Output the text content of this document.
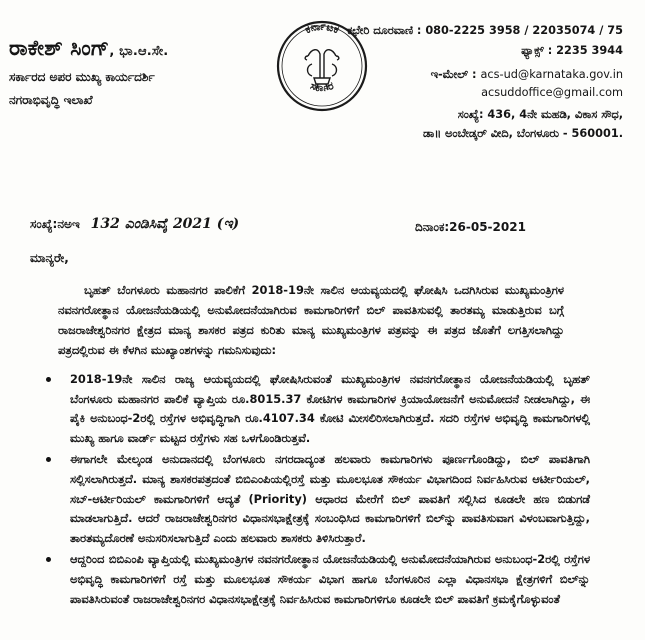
ರಾಕೇಶ್ ಸಿಂಗ್, ಭಾ.ಆ.ಸೇ.
ಸರ್ಕಾರದ ಅಪರ ಮುಖ್ಯ ಕಾರ್ಯದರ್ಶಿ
ನಗರಾಭಿವೃದ್ಧಿ ಇಲಾಖೆ
ಕರ್ನಾಟಕ
ಸರ್ಕಾರ
ಕಛೇರಿ ದೂರವಾಣಿ : 080-2225 3958 / 22035074 / 75
ಫ್ಯಾಕ್ಸ್ : 2235 3944
ಇ-ಮೇಲ್ : acs-ud@karnataka.gov.in
acsuddoffice@gmail.com
ಸಂಖ್ಯೆ: 436, 4ನೇ ಮಹಡಿ, ವಿಕಾಸ ಸೌಧ,
ಡಾ॥ ಅಂಬೇಡ್ಕರ್ ವೀದಿ, ಬೆಂಗಳೂರು - 560001.
ಸಂಖ್ಯೆ:ನಅಇ 132 ಎಂಡಿಸಿವೈ 2021 (ಇ)	ದಿನಾಂಕ:26-05-2021
ಮಾನ್ಯರೇ,
ಬೃಹತ್ ಬೆಂಗಳೂರು ಮಹಾನಗರ ಪಾಲಿಕೆಗೆ 2018-19ನೇ ಸಾಲಿನ ಆಯವ್ಯಯದಲ್ಲಿ ಘೋಷಿಸಿ ಒದಗಿಸಿರುವ ಮುಖ್ಯಮಂತ್ರಿಗಳ ನವನಗರೋತ್ಥಾನ ಯೋಜನೆಯಡಿಯಲ್ಲಿ ಅನುಮೋದನೆಯಾಗಿರುವ ಕಾಮಗಾರಿಗಳಿಗೆ ಬಿಲ್ ಪಾವತಿಸುವಲ್ಲಿ ತಾರತಮ್ಯ ಮಾಡುತ್ತಿರುವ ಬಗ್ಗೆ ರಾಜರಾಜೇಶ್ವರಿನಗರ ಕ್ಷೇತ್ರದ ಮಾನ್ಯ ಶಾಸಕರ ಪತ್ರದ ಕುರಿತು ಮಾನ್ಯ ಮುಖ್ಯಮಂತ್ರಿಗಳ ಪತ್ರವನ್ನು ಈ ಪತ್ರದ ಜೊತೆಗೆ ಲಗತ್ತಿಸಲಾಗಿದ್ದು ಪತ್ರದಲ್ಲಿರುವ ಈ ಕೆಳಗಿನ ಮುಖ್ಯಾಂಶಗಳನ್ನು ಗಮನಿಸುವುದು:
2018-19ನೇ ಸಾಲಿನ ರಾಜ್ಯ ಆಯವ್ಯಯದಲ್ಲಿ ಘೋಷಿಸಿರುವಂತೆ ಮುಖ್ಯಮಂತ್ರಿಗಳ ನವನಗರೋತ್ಥಾನ ಯೋಜನೆಯಡಿಯಲ್ಲಿ ಬೃಹತ್ ಬೆಂಗಳೂರು ಮಹಾನಗರ ಪಾಲಿಕೆ ವ್ಯಾಪ್ತಿಯ ರೂ.8015.37 ಕೋಟಿಗಳ ಕಾಮಗಾರಿಗಳ ಕ್ರಿಯಾಯೋಜನೆಗೆ ಅನುಮೋದನೆ ನೀಡಲಾಗಿದ್ದು, ಈ ಪೈಕಿ ಅನುಬಂಧ-2ರಲ್ಲಿ ರಸ್ತೆಗಳ ಅಭಿವೃದ್ಧಿಗಾಗಿ ರೂ.4107.34 ಕೋಟಿ ಮೀಸಲಿರಿಸಲಾಗಿರುತ್ತದೆ. ಸದರಿ ರಸ್ತೆಗಳ ಅಭಿವೃದ್ಧಿ ಕಾಮಗಾರಿಗಳಲ್ಲಿ ಮುಖ್ಯ ಹಾಗೂ ವಾರ್ಡ್ ಮಟ್ಟದ ರಸ್ತೆಗಳು ಸಹ ಒಳಗೊಂಡಿರುತ್ತವೆ.
ಈಗಾಗಲೇ ಮೇಲ್ಕಂಡ ಅನುದಾನದಲ್ಲಿ ಬೆಂಗಳೂರು ನಗರದಾದ್ಯಂತ ಹಲವಾರು ಕಾಮಗಾರಿಗಳು ಪೂರ್ಣಗೊಂಡಿದ್ದು, ಬಿಲ್ ಪಾವತಿಗಾಗಿ ಸಲ್ಲಿಸಲಾಗಿರುತ್ತದೆ. ಮಾನ್ಯ ಶಾಸಕರಪತ್ರದಂತೆ ಬಿಬಿಎಂಪಿಯಲ್ಲಿರಸ್ತೆ ಮತ್ತು ಮೂಲಭೂತ ಸೌಕರ್ಯ ವಿಭಾಗದಿಂದ ನಿರ್ವಹಿಸಿರುವ ಆರ್ಟೀರಿಯಲ್, ಸಬ್-ಆರ್ಟೀರಿಯಲ್ ಕಾಮಗಾರಿಗಳಿಗೆ ಆದ್ಯತೆ (Priority) ಆಧಾರದ ಮೇರೆಗೆ ಬಿಲ್ ಪಾವತಿಗೆ ಸಲ್ಲಿಸಿದ ಕೂಡಲೇ ಹಣ ಬಿಡುಗಡೆ ಮಾಡಲಾಗುತ್ತಿದೆ. ಆದರೆ ರಾಜರಾಜೇಶ್ವರಿನಗರ ವಿಧಾನಸಭಾಕ್ಷೇತ್ರಕ್ಕೆ ಸಂಬಂಧಿಸಿದ ಕಾಮಗಾರಿಗಳಿಗೆ ಬಿಲ್‌ನ್ನು ಪಾವತಿಸುವಾಗ ವಿಳಂಬವಾಗುತ್ತಿದ್ದು, ತಾರತಮ್ಯದೊರಣೆ ಅನುಸರಿಸಲಾಗುತ್ತಿದೆ ಎಂದು ಹಲವಾರು ಶಾಸಕರು ತಿಳಿಸಿರುತ್ತಾರೆ.
ಆದ್ದರಿಂದ ಬಿಬಿಎಂಪಿ ವ್ಯಾಪ್ತಿಯಲ್ಲಿ ಮುಖ್ಯಮಂತ್ರಿಗಳ ನವನಗರೋತ್ಥಾನ ಯೋಜನೆಯಡಿಯಲ್ಲಿ ಅನುಮೋದನೆಯಾಗಿರುವ ಅನುಬಂಧ-2ರಲ್ಲಿ ರಸ್ತೆಗಳ ಅಭಿವೃದ್ಧಿ ಕಾಮಗಾರಿಗಳಿಗೆ ರಸ್ತೆ ಮತ್ತು ಮೂಲಭೂತ ಸೌಕರ್ಯ ವಿಭಾಗ ಹಾಗೂ ಬೆಂಗಳೂರಿನ ಎಲ್ಲಾ ವಿಧಾನಸಭಾ ಕ್ಷೇತ್ರಗಳಿಗೆ ಬಿಲ್‌ನ್ನು ಪಾವತಿಸಿರುವಂತೆ ರಾಜರಾಜೇಶ್ವರಿನಗರ ವಿಧಾನಸಭಾಕ್ಷೇತ್ರಕ್ಕೆ ನಿರ್ವಹಿಸಿರುವ ಕಾಮಗಾರಿಗಳಿಗೂ ಕೂಡಲೇ ಬಿಲ್ ಪಾವತಿಗೆ ಕ್ರಮಕೈಗೊಳ್ಳುವಂತೆ
